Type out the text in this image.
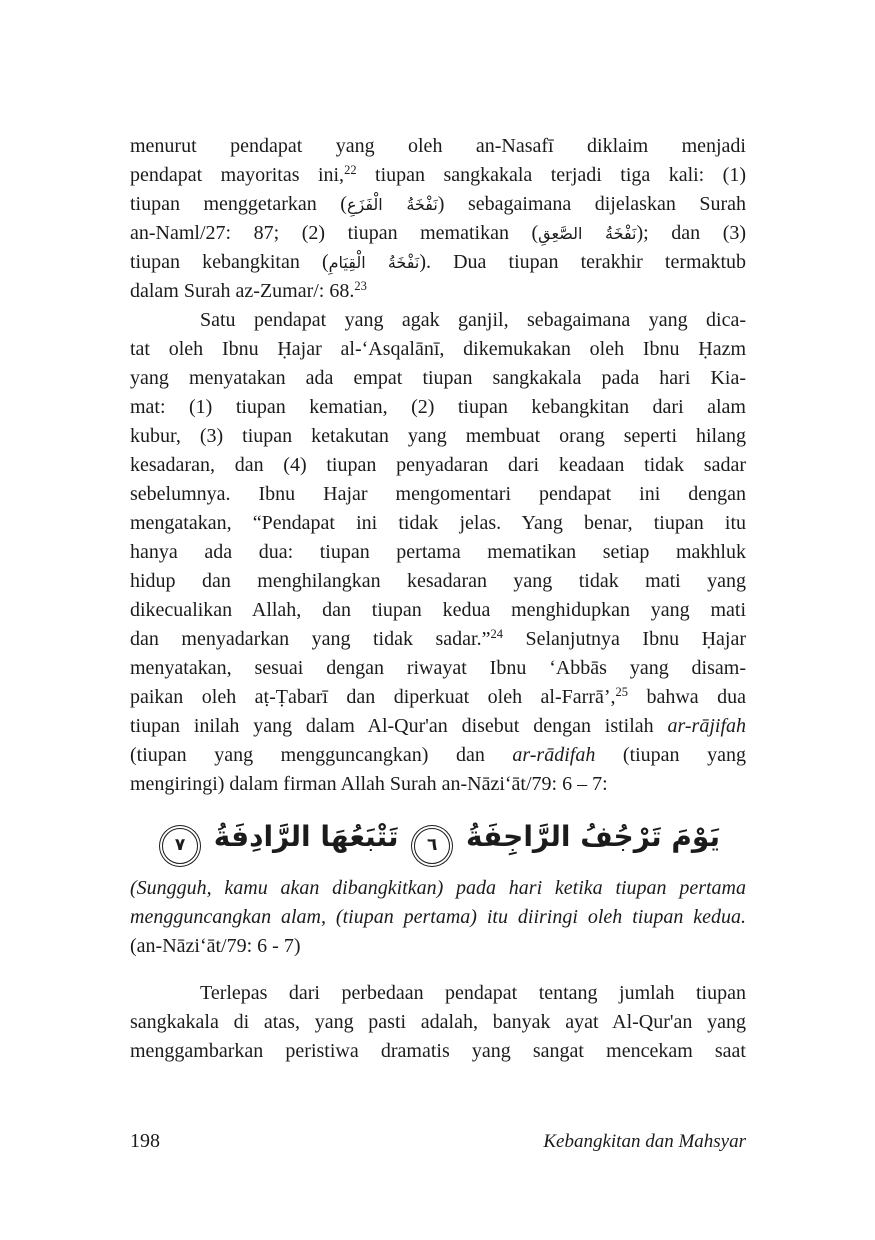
menurut pendapat yang oleh an-Nasafī diklaim menjadi
pendapat mayoritas ini,$^{22}$ tiupan sangkakala terjadi tiga kali: (1)
tiupan menggetarkan (نَفْخَةُ الْفَزَعِ) sebagaimana dijelaskan Surah
an-Naml/27: 87; (2) tiupan mematikan (نَفْخَةُ الصَّعِقِ); dan (3)
tiupan kebangkitan (نَفْخَةُ الْقِيَامِ). Dua tiupan terakhir termaktub
dalam Surah az-Zumar/: 68.23
Satu pendapat yang agak ganjil, sebagaimana yang dica-
tat oleh Ibnu Ḥajar al-‘Asqalānī, dikemukakan oleh Ibnu Ḥazm
yang menyatakan ada empat tiupan sangkakala pada hari Kia-
mat: (1) tiupan kematian, (2) tiupan kebangkitan dari alam
kubur, (3) tiupan ketakutan yang membuat orang seperti hilang
kesadaran, dan (4) tiupan penyadaran dari keadaan tidak sadar
sebelumnya. Ibnu Hajar mengomentari pendapat ini dengan
mengatakan, “Pendapat ini tidak jelas. Yang benar, tiupan itu
hanya ada dua: tiupan pertama mematikan setiap makhluk
hidup dan menghilangkan kesadaran yang tidak mati yang
dikecualikan Allah, dan tiupan kedua menghidupkan yang mati
dan menyadarkan yang tidak sadar.”$^{24}$ Selanjutnya Ibnu Ḥajar
menyatakan, sesuai dengan riwayat Ibnu ‘Abbās yang disam-
paikan oleh aṭ-Ṭabarī dan diperkuat oleh al-Farrā’,$^{25}$ bahwa dua
tiupan inilah yang dalam Al-Qur'an disebut dengan istilah ar-rājifah
(tiupan yang mengguncangkan) dan ar-rādifah (tiupan yang
mengiringi) dalam firman Allah Surah an-Nāzi‘āt/79: 6 – 7:
يَوْمَ تَرْجُفُ الرَّاجِفَةُ ٦ تَتْبَعُهَا الرَّادِفَةُ ٧
(Sungguh, kamu akan dibangkitkan) pada hari ketika tiupan pertama
mengguncangkan alam, (tiupan pertama) itu diiringi oleh tiupan kedua.
(an-Nāzi‘āt/79: 6 - 7)
Terlepas dari perbedaan pendapat tentang jumlah tiupan
sangkakala di atas, yang pasti adalah, banyak ayat Al-Qur'an yang
menggambarkan peristiwa dramatis yang sangat mencekam saat
198	Kebangkitan dan Mahsyar
